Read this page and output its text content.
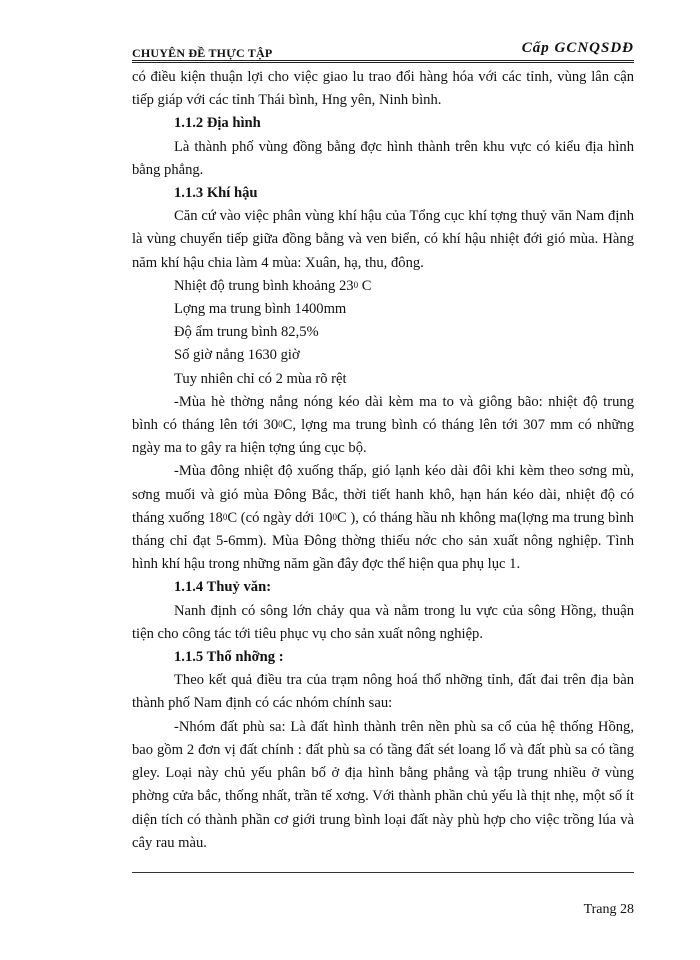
CHUYÊN ĐỀ THỰC TẬP	Cấp GCNQSDĐ

có điều kiện thuận lợi cho việc giao lu trao đổi hàng hóa với các tỉnh, vùng lân cận tiếp giáp với các tỉnh Thái bình, Hng yên, Ninh bình.

1.1.2 Địa hình

Là thành phố vùng đồng bằng đợc hình thành trên khu vực có kiểu địa hình bằng phẳng.

1.1.3 Khí hậu

Căn cứ vào việc phân vùng khí hậu của Tổng cục khí tợng thuỷ văn Nam định là vùng chuyển tiếp giữa đồng bằng và ven biển, có khí hậu nhiệt đới gió mùa. Hàng năm khí hậu chia làm 4 mùa: Xuân, hạ, thu, đông.

Nhiệt độ trung bình khoảng $23^0$ C

Lợng ma trung bình 1400mm

Độ ẩm trung bình 82,5%

Số giờ nắng 1630 giờ

Tuy nhiên chỉ có 2 mùa rõ rệt

-Mùa hè thờng nắng nóng kéo dài kèm ma to và giông bão: nhiệt độ trung bình có tháng lên tới $30^0C$, lợng ma trung bình có tháng lên tới 307 mm có những ngày ma to gây ra hiện tợng úng cục bộ.

-Mùa đông nhiệt độ xuống thấp, gió lạnh kéo dài đôi khi kèm theo sơng mù, sơng muối và gió mùa Đông Bắc, thời tiết hanh khô, hạn hán kéo dài, nhiệt độ có tháng xuống $18^0C$ (có ngày dới $10^0C$ ), có tháng hầu nh không ma(lợng ma trung bình tháng chỉ đạt 5-6mm). Mùa Đông thờng thiếu nớc cho sản xuất nông nghiệp. Tình hình khí hậu trong những năm gần đây đợc thể hiện qua phụ lục 1.

1.1.4 Thuỷ văn:

Nanh định có sông lớn chảy qua và nằm trong lu vực của sông Hồng, thuận tiện cho công tác tới tiêu phục vụ cho sản xuất nông nghiệp.

1.1.5 Thổ nhỡng :

Theo kết quả điều tra của trạm nông hoá thổ nhỡng tỉnh, đất đai trên địa bàn thành phố Nam định có các nhóm chính sau:

-Nhóm đất phù sa: Là đất hình thành trên nền phù sa cổ của hệ thống Hồng, bao gồm 2 đơn vị đất chính : đất phù sa có tầng đất sét loang lổ và đất phù sa có tầng gley. Loại này chủ yếu phân bố ở địa hình bằng phẳng và tập trung nhiều ở vùng phờng cửa bắc, thống nhất, trần tế xơng. Với thành phần chủ yếu là thịt nhẹ, một số ít diện tích có thành phần cơ giới trung bình loại đất này phù hợp cho việc trồng lúa và cây rau màu.

Trang 28
